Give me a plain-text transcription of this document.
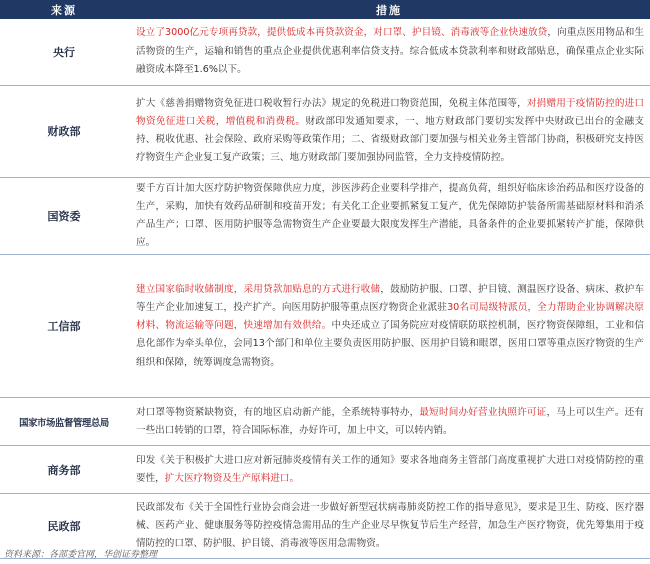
来源	措施
央行	设立了3000亿元专项再贷款，提供低成本再贷款资金，对口罩、护目镜、消毒液等企业快速放贷，向重点医用物品和生活物资的生产，运输和销售的重点企业提供优惠利率信贷支持。综合低成本贷款利率和财政部贴息，确保重点企业实际融资成本降至1.6%以下。

财政部	扩大《慈善捐赠物资免征进口税收暂行办法》规定的免税进口物资范围，免税主体范围等，对捐赠用于疫情防控的进口物资免征进口关税，增值税和消费税。财政部印发通知要求，一、地方财政部门要切实发挥中央财政已出台的金融支持、税收优惠、社会保险、政府采购等政策作用；二、省级财政部门要加强与相关业务主管部门协商，积极研究支持医疗物资生产企业复工复产政策；三、地方财政部门要加强协同监管，全力支持疫情防控。

国资委	要千方百计加大医疗防护物资保障供应力度，涉医涉药企业要科学排产，提高负荷，组织好临床诊治药品和医疗设备的生产，采购，加快有效药品研制和疫苗开发；有关化工企业要抓紧复工复产，优先保障防护装备所需基础原材料和消杀产品生产；口罩、医用防护服等急需物资生产企业要最大限度发挥生产潜能，具备条件的企业要抓紧转产扩能，保障供应。

工信部	建立国家临时收储制度，采用贷款加贴息的方式进行收储，鼓励防护服、口罩、护目镜、测温医疗设备、病床、救护车等生产企业加速复工，投产扩产。向医用防护服等重点医疗物资企业派驻30名司局级特派员，全力帮助企业协调解决原材料、物流运输等问题，快速增加有效供给。中央还成立了国务院应对疫情联防联控机制，医疗物资保障组，工业和信息化部作为牵头单位，会同13个部门和单位主要负责医用防护服、医用护目镜和眼罩，医用口罩等重点医疗物资的生产组织和保障，统筹调度急需物资。

国家市场监督管理总局	对口罩等物资紧缺物资，有的地区启动新产能，全系统特事特办，最短时间办好营业执照许可证，马上可以生产。还有一些出口转销的口罩，符合国际标准，办好许可，加上中文，可以转内销。

商务部	印发《关于积极扩大进口应对新冠肺炎疫情有关工作的通知》要求各地商务主管部门高度重视扩大进口对疫情防控的重要性，扩大医疗物资及生产原料进口。

民政部	民政部发布《关于全国性行业协会商会进一步做好新型冠状病毒肺炎防控工作的指导意见》，要求是卫生、防疫、医疗器械、医药产业、健康服务等防控疫情急需用品的生产企业尽早恢复节后生产经营，加急生产医疗物资，优先筹集用于疫情防控的口罩、防护服、护目镜、消毒液等医用急需物资。

资料来源：各部委官网，华创证券整理
